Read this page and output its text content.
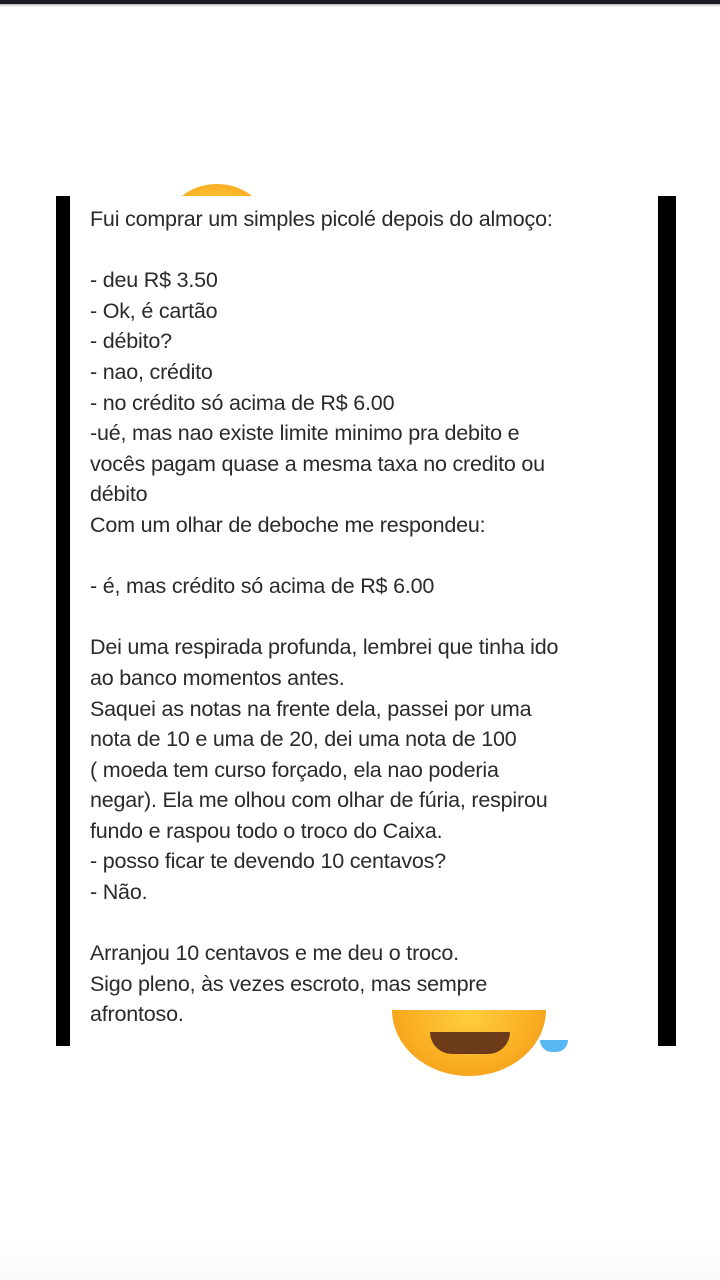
Fui comprar um simples picolé depois do almoço:

- deu R$ 3.50
- Ok, é cartão
- débito?
- nao, crédito
- no crédito só acima de R$ 6.00
-ué, mas nao existe limite minimo pra debito e
vocês pagam quase a mesma taxa no credito ou
débito
Com um olhar de deboche me respondeu:

- é, mas crédito só acima de R$ 6.00

Dei uma respirada profunda, lembrei que tinha ido
ao banco momentos antes.
Saquei as notas na frente dela, passei por uma
nota de 10 e uma de 20, dei uma nota de 100
( moeda tem curso forçado, ela nao poderia
negar). Ela me olhou com olhar de fúria, respirou
fundo e raspou todo o troco do Caixa.
- posso ficar te devendo 10 centavos?
- Não.

Arranjou 10 centavos e me deu o troco.
Sigo pleno, às vezes escroto, mas sempre
afrontoso.
